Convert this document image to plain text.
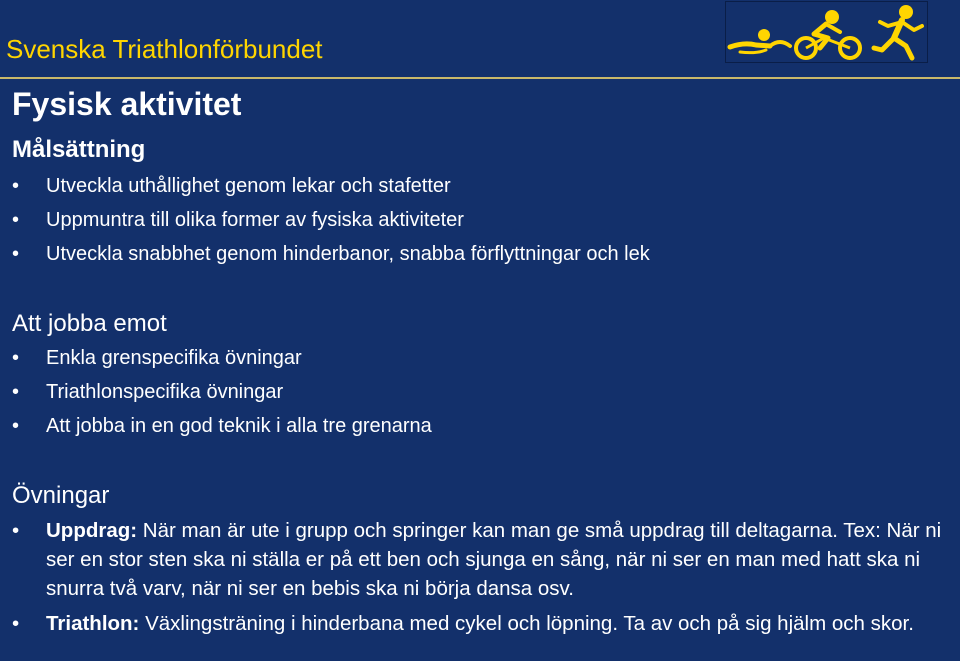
Svenska Triathlonförbundet
Fysisk aktivitet
Målsättning
• Utveckla uthållighet genom lekar och stafetter
• Uppmuntra till olika former av fysiska aktiviteter
• Utveckla snabbhet genom hinderbanor, snabba förflyttningar och lek
Att jobba emot
• Enkla grenspecifika övningar
• Triathlonspecifika övningar
• Att jobba in en god teknik i alla tre grenarna
Övningar
• Uppdrag: När man är ute i grupp och springer kan man ge små uppdrag till deltagarna. Tex: När ni ser en stor sten ska ni ställa er på ett ben och sjunga en sång, när ni ser en man med hatt ska ni snurra två varv, när ni ser en bebis ska ni börja dansa osv.
• Triathlon: Växlingsträning i hinderbana med cykel och löpning. Ta av och på sig hjälm och skor.
